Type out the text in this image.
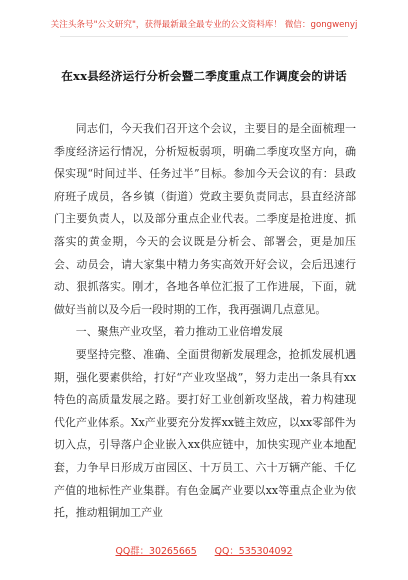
关注头条号"公文研究"，获得最新最全最专业的公文资料库！ 微信：gongwenyj
在xx县经济运行分析会暨二季度重点工作调度会的讲话

同志们，今天我们召开这个会议，主要目的是全面梳理一季度经济运行情况，分析短板弱项，明确二季度攻坚方向，确保实现“时间过半、任务过半”目标。参加今天会议的有：县政府班子成员，各乡镇（街道）党政主要负责同志，县直经济部门主要负责人，以及部分重点企业代表。二季度是抢进度、抓落实的黄金期，今天的会议既是分析会、部署会，更是加压会、动员会，请大家集中精力务实高效开好会议，会后迅速行动、狠抓落实。刚才，各地各单位汇报了工作进展，下面，就做好当前以及今后一段时期的工作，我再强调几点意见。

一、聚焦产业攻坚，着力推动工业倍增发展

要坚持完整、准确、全面贯彻新发展理念，抢抓发展机遇期，强化要素供给，打好“产业攻坚战”，努力走出一条具有xx特色的高质量发展之路。要打好工业创新攻坚战，着力构建现代化产业体系。Xx产业要充分发挥xx链主效应，以xx零部件为切入点，引导落户企业嵌入xx供应链中，加快实现产业本地配套，力争早日形成万亩园区、十万员工、六十万辆产能、千亿产值的地标性产业集群。有色金属产业要以xx等重点企业为依托，推动粗铜加工产业

QQ群：30265665 QQ：535304092
